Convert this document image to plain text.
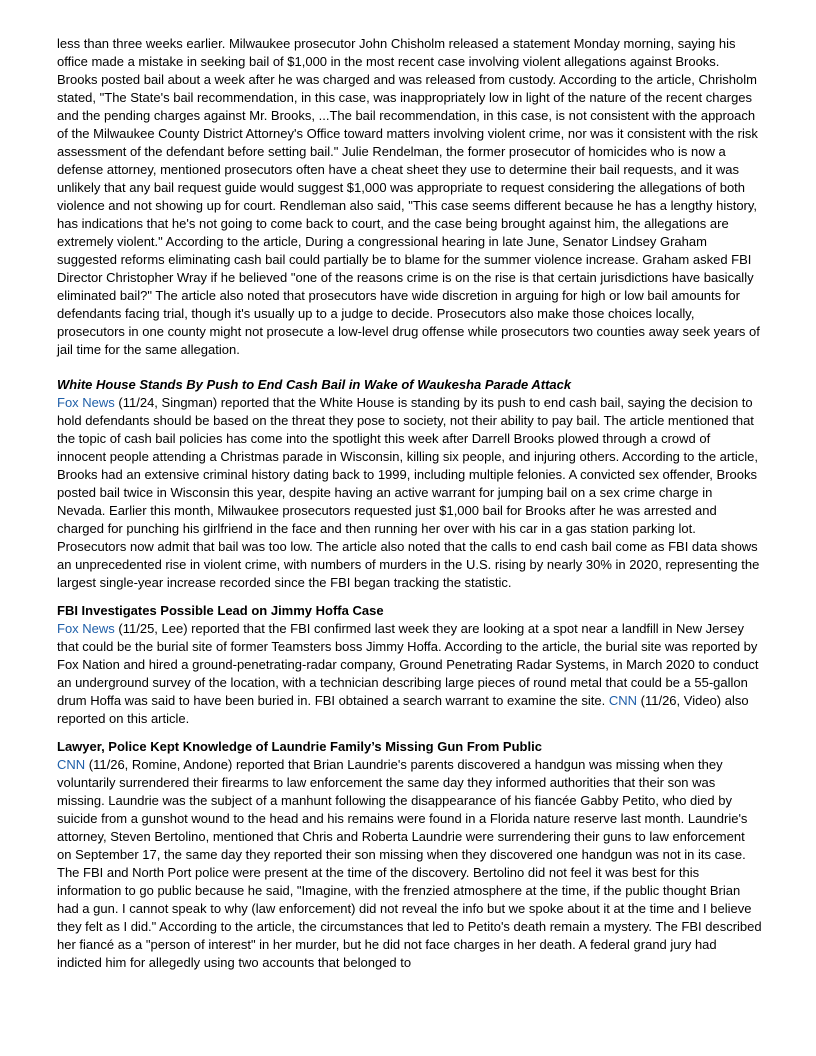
less than three weeks earlier. Milwaukee prosecutor John Chisholm released a statement Monday morning, saying his office made a mistake in seeking bail of $1,000 in the most recent case involving violent allegations against Brooks. Brooks posted bail about a week after he was charged and was released from custody. According to the article, Chrisholm stated, "The State's bail recommendation, in this case, was inappropriately low in light of the nature of the recent charges and the pending charges against Mr. Brooks, ...The bail recommendation, in this case, is not consistent with the approach of the Milwaukee County District Attorney's Office toward matters involving violent crime, nor was it consistent with the risk assessment of the defendant before setting bail." Julie Rendelman, the former prosecutor of homicides who is now a defense attorney, mentioned prosecutors often have a cheat sheet they use to determine their bail requests, and it was unlikely that any bail request guide would suggest $1,000 was appropriate to request considering the allegations of both violence and not showing up for court. Rendleman also said, "This case seems different because he has a lengthy history, has indications that he's not going to come back to court, and the case being brought against him, the allegations are extremely violent." According to the article, During a congressional hearing in late June, Senator Lindsey Graham suggested reforms eliminating cash bail could partially be to blame for the summer violence increase. Graham asked FBI Director Christopher Wray if he believed "one of the reasons crime is on the rise is that certain jurisdictions have basically eliminated bail?" The article also noted that prosecutors have wide discretion in arguing for high or low bail amounts for defendants facing trial, though it's usually up to a judge to decide. Prosecutors also make those choices locally, prosecutors in one county might not prosecute a low-level drug offense while prosecutors two counties away seek years of jail time for the same allegation.

White House Stands By Push to End Cash Bail in Wake of Waukesha Parade Attack

Fox News (11/24, Singman) reported that the White House is standing by its push to end cash bail, saying the decision to hold defendants should be based on the threat they pose to society, not their ability to pay bail. The article mentioned that the topic of cash bail policies has come into the spotlight this week after Darrell Brooks plowed through a crowd of innocent people attending a Christmas parade in Wisconsin, killing six people, and injuring others. According to the article, Brooks had an extensive criminal history dating back to 1999, including multiple felonies. A convicted sex offender, Brooks posted bail twice in Wisconsin this year, despite having an active warrant for jumping bail on a sex crime charge in Nevada. Earlier this month, Milwaukee prosecutors requested just $1,000 bail for Brooks after he was arrested and charged for punching his girlfriend in the face and then running her over with his car in a gas station parking lot. Prosecutors now admit that bail was too low. The article also noted that the calls to end cash bail come as FBI data shows an unprecedented rise in violent crime, with numbers of murders in the U.S. rising by nearly 30% in 2020, representing the largest single-year increase recorded since the FBI began tracking the statistic.

FBI Investigates Possible Lead on Jimmy Hoffa Case

Fox News (11/25, Lee) reported that the FBI confirmed last week they are looking at a spot near a landfill in New Jersey that could be the burial site of former Teamsters boss Jimmy Hoffa. According to the article, the burial site was reported by Fox Nation and hired a ground-penetrating-radar company, Ground Penetrating Radar Systems, in March 2020 to conduct an underground survey of the location, with a technician describing large pieces of round metal that could be a 55-gallon drum Hoffa was said to have been buried in. FBI obtained a search warrant to examine the site. CNN (11/26, Video) also reported on this article.

Lawyer, Police Kept Knowledge of Laundrie Family’s Missing Gun From Public

CNN (11/26, Romine, Andone) reported that Brian Laundrie's parents discovered a handgun was missing when they voluntarily surrendered their firearms to law enforcement the same day they informed authorities that their son was missing. Laundrie was the subject of a manhunt following the disappearance of his fiancée Gabby Petito, who died by suicide from a gunshot wound to the head and his remains were found in a Florida nature reserve last month. Laundrie's attorney, Steven Bertolino, mentioned that Chris and Roberta Laundrie were surrendering their guns to law enforcement on September 17, the same day they reported their son missing when they discovered one handgun was not in its case. The FBI and North Port police were present at the time of the discovery. Bertolino did not feel it was best for this information to go public because he said, "Imagine, with the frenzied atmosphere at the time, if the public thought Brian had a gun. I cannot speak to why (law enforcement) did not reveal the info but we spoke about it at the time and I believe they felt as I did." According to the article, the circumstances that led to Petito's death remain a mystery. The FBI described her fiancé as a "person of interest" in her murder, but he did not face charges in her death. A federal grand jury had indicted him for allegedly using two accounts that belonged to
